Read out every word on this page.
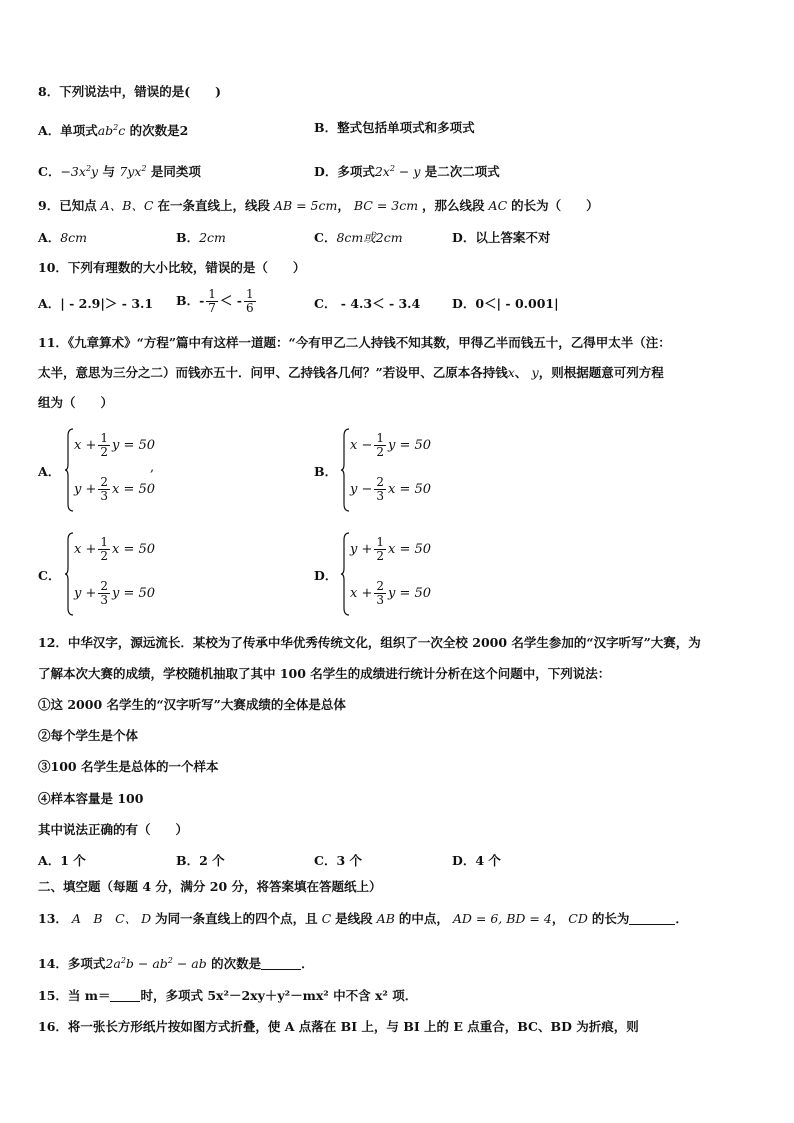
8．下列说法中，错误的是(　　)
A．单项式$ab^2c$ 的次数是2	B．整式包括单项式和多项式
C．$-3x^2y$ 与 $7yx^2$ 是同类项	D．多项式$2x^2 - y$ 是二次二项式
9．已知点 A、B、C 在一条直线上，线段 AB = 5cm， BC = 3cm ，那么线段 AC 的长为（　　）
A．8cm	B．2cm	C．8cm或2cm	D．以上答案不对
10．下列有理数的大小比较，错误的是（　　）
A．| - 2.9|＞ - 3.1 B．- $\frac{1}{7}$ ＜ - $\frac{1}{6}$	C． - 4.3＜ - 3.4	D．0＜| - 0.001|
11．《九章算术》“方程”篇中有这样一道题：“今有甲乙二人持钱不知其数，甲得乙半而钱五十，乙得甲太半（注：
太半，意思为三分之二）而钱亦五十．问甲、乙持钱各几何？”若设甲、乙原本各持钱x、 y，则根据题意可列方程
组为（　　）
A．
$x + \frac{1}{2}$ y = 50
$y + \frac{2}{3}$ x = 50
,	B．
$x - \frac{1}{2}$ y = 50
$y - \frac{2}{3}$ x = 50
C．
$x + \frac{1}{2}$ x = 50
$y + \frac{2}{3}$ y = 50
D．
$y + \frac{1}{2}$ x = 50
$x + \frac{2}{3}$ y = 50
12．中华汉字，源远流长．某校为了传承中华优秀传统文化，组织了一次全校 2000 名学生参加的“汉字听写”大赛，为
了解本次大赛的成绩，学校随机抽取了其中 100 名学生的成绩进行统计分析在这个问题中，下列说法：
①这 2000 名学生的“汉字听写”大赛成绩的全体是总体
②每个学生是个体
③100 名学生是总体的一个样本
④样本容量是 100
其中说法正确的有（　　）
A．1 个	B．2 个	C．3 个	D．4 个
二、填空题（每题 4 分，满分 20 分，将答案填在答题纸上）
13． A　B　C、 D 为同一条直线上的四个点，且 C 是线段 AB 的中点， AD = 6, BD = 4， CD 的长为	．
14．多项式$2a^2b - ab^2$ − ab 的次数是	．
15．当 m＝ 时，多项式 5x²－2xy＋y²－mx² 中不含 x² 项．
16．将一张长方形纸片按如图方式折叠，使 A 点落在 BI 上，与 BI 上的 E 点重合，BC、BD 为折痕，则
